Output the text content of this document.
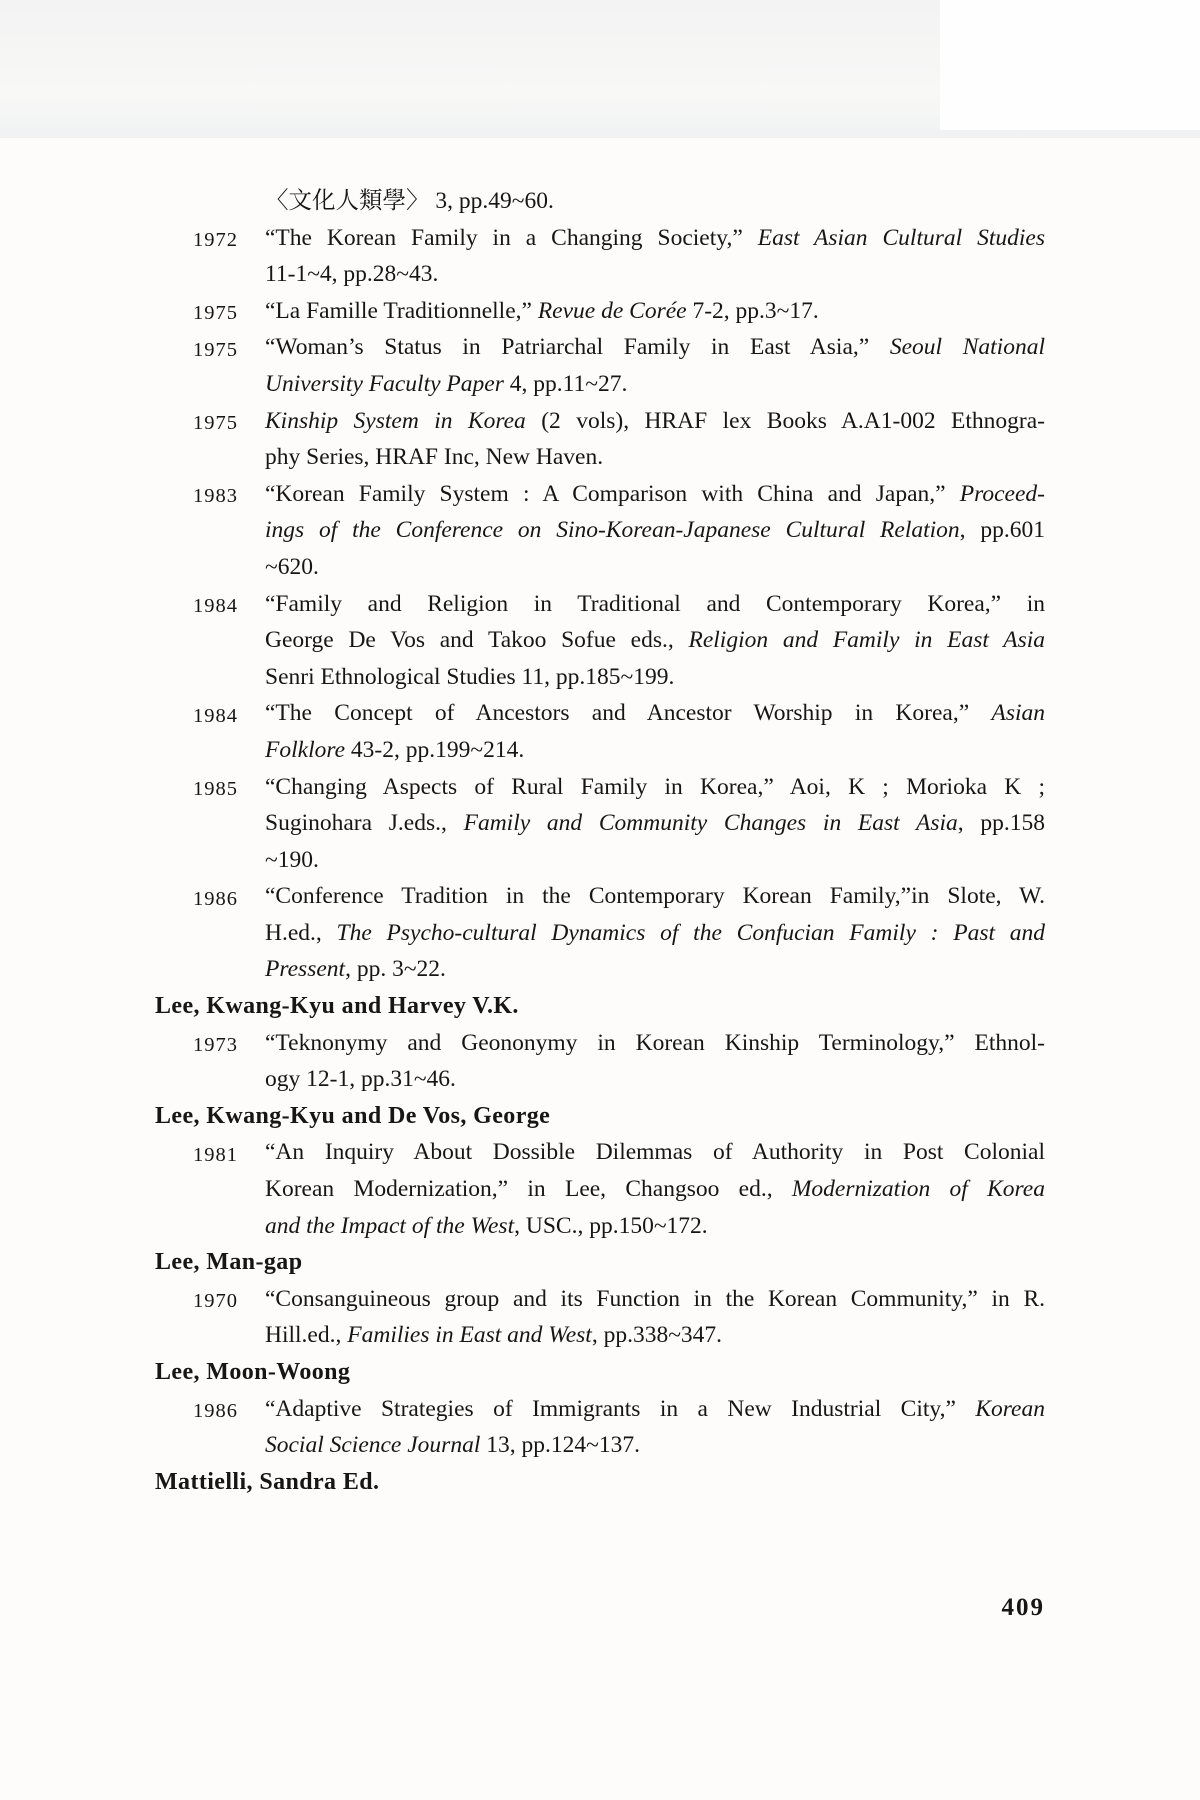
〈文化人類學〉 3, pp.49~60.
1972 “The Korean Family in a Changing Society,” East Asian Cultural Studies
11-1~4, pp.28~43.
1975 “La Famille Traditionnelle,” Revue de Corée 7-2, pp.3~17.
1975 “Woman’s Status in Patriarchal Family in East Asia,” Seoul National
University Faculty Paper 4, pp.11~27.
1975 Kinship System in Korea (2 vols), HRAF lex Books A.A1-002 Ethnogra-
phy Series, HRAF Inc, New Haven.
1983 “Korean Family System : A Comparison with China and Japan,” Proceed-
ings of the Conference on Sino-Korean-Japanese Cultural Relation, pp.601
~620.
1984 “Family and Religion in Traditional and Contemporary Korea,” in
George De Vos and Takoo Sofue eds., Religion and Family in East Asia
Senri Ethnological Studies 11, pp.185~199.
1984 “The Concept of Ancestors and Ancestor Worship in Korea,” Asian
Folklore 43-2, pp.199~214.
1985 “Changing Aspects of Rural Family in Korea,” Aoi, K ; Morioka K ;
Suginohara J.eds., Family and Community Changes in East Asia, pp.158
~190.
1986 “Conference Tradition in the Contemporary Korean Family,”in Slote, W.
H.ed., The Psycho-cultural Dynamics of the Confucian Family : Past and
Pressent, pp. 3~22.
Lee, Kwang-Kyu and Harvey V.K.
1973 “Teknonymy and Geononymy in Korean Kinship Terminology,” Ethnol-
ogy 12-1, pp.31~46.
Lee, Kwang-Kyu and De Vos, George
1981 “An Inquiry About Dossible Dilemmas of Authority in Post Colonial
Korean Modernization,” in Lee, Changsoo ed., Modernization of Korea
and the Impact of the West, USC., pp.150~172.
Lee, Man-gap
1970 “Consanguineous group and its Function in the Korean Community,” in R.
Hill.ed., Families in East and West, pp.338~347.
Lee, Moon-Woong
1986 “Adaptive Strategies of Immigrants in a New Industrial City,” Korean
Social Science Journal 13, pp.124~137.
Mattielli, Sandra Ed.
409
